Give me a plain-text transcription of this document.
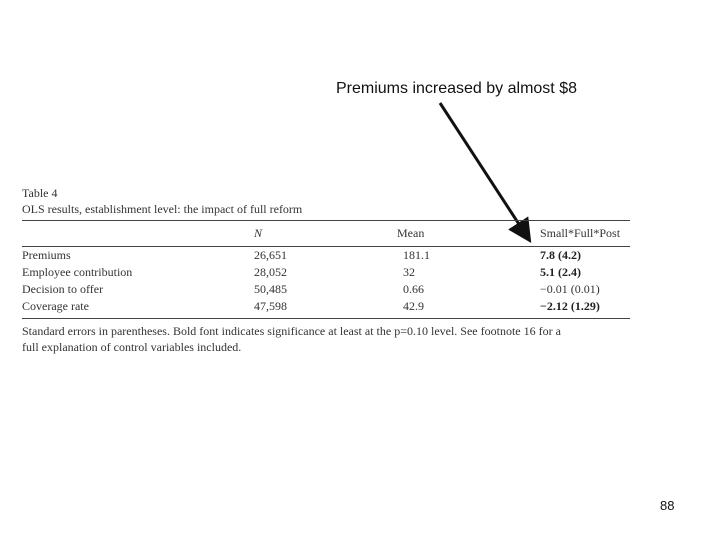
Premiums increased by almost $8
Table 4
OLS results, establishment level: the impact of full reform
	N	Mean	Small*Full*Post

Premiums	26,651	181.1	7.8 (4.2)
Employee contribution	28,052	32	5.1 (2.4)
Decision to offer	50,485	0.66	−0.01 (0.01)
Coverage rate	47,598	42.9	−2.12 (1.29)
Standard errors in parentheses. Bold font indicates significance at least at the p=0.10 level. See footnote 16 for a
full explanation of control variables included.
88
